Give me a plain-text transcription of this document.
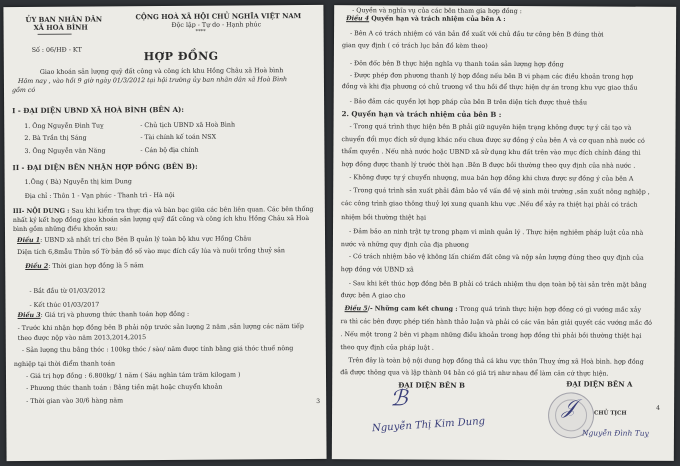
ỦY BAN NHÂN DÂN
XÃ HOÀ BÌNH
Số : 06/HĐ - KT
CỘNG HOÀ XÃ HỘI CHỦ NGHĨA VIỆT NAM
Độc lập - Tự do - Hạnh phúc
****
HỢP ĐỒNG
Giao khoán sản lượng quỹ đất công và công ích khu Hồng Châu xã Hoà bình
Hôm nay , vào hồi 9 giờ ngày 01/3/2012 tại hội trường ủy ban nhân dân xã Hoà Bình
gồm có
I - ĐẠI DIỆN UBND XÃ HOÀ BÌNH (BÊN A):
1. Ông Nguyễn Đình Tuỵ	- Chủ tịch UBND xã Hoà Bình
2. Bà Trần thị Sáng	- Tài chính kế toán NSX
3. Ông Nguyễn văn Năng	- Cán bộ địa chính
II - ĐẠI DIỆN BÊN NHẬN HỢP ĐỒNG (BÊN B):
1.Ông ( Bà) Nguyễn thị kim Dung
Địa chỉ : Thôn 1 - Vạn phúc - Thanh trì - Hà nội
III- NỘI DUNG : Sau khi kiểm tra thực địa và bàn bạc giữa các bên liên quan. Các bên thống
nhất ký kết hợp đồng giao khoán sản lượng quỹ đất công và công ích khu Hồng Châu xã Hoà
bình gồm những điều khoản sau:
Điều 1: UBND xã nhất trí cho Bên B quản lý toàn bộ khu vực Hồng Châu
Diện tích 6,8mẫu Thửa số Tờ bản đồ số vào mục đích cấy lúa và nuôi trồng thuỷ sản
Điều 2: Thời gian hợp đồng là 5 năm
- Bắt đầu từ 01/03/2012
- Kết thúc 01/03/2017
Điều 3: Giá trị và phương thức thanh toán hợp đồng :
- Trước khi nhận hợp đồng bên B phải nộp trước sản lượng 2 năm ,sản lượng các năm tiếp
theo được nộp vào năm 2013,2014,2015
- Sản lượng thu bằng thóc : 100kg thóc / sào/ năm được tính bằng giá thóc thuế nông
nghiệp tại thời điểm thanh toán
- Giá trị hợp đồng : 6.800kg/ 1 năm ( Sáu nghìn tám trăm kilogam )
- Phương thức thanh toán : Bằng tiền mặt hoặc chuyển khoản
- Thời gian vào 30/6 hàng năm	3
- Quyền và nghĩa vụ của các bên tham gia hợp đồng :
Điều 4 Quyền hạn và trách nhiệm của bên A :
- Bên A có trách nhiệm có văn bản đề xuất với chủ đầu tư công bên B đúng thời
gian quy định ( có trách lục bản đồ kèm theo)
- Đôn đốc bên B thực hiện nghĩa vụ thanh toán sản lượng hợp đồng
- Được phép đơn phương thanh lý hợp đồng nếu bên B vi phạm các điều khoản trong hợp
đồng và khi địa phương có chủ trương về thu hồi để thực hiện dự án trong khu vực giao thầu
- Bảo đảm các quyền lợi hợp pháp của bên B trên diện tích được thuê thầu
2. Quyền hạn và trách nhiệm của bên B :
- Trong quá trình thực hiện bên B phải giữ nguyên hiện trạng không được tự ý cải tạo và
chuyển đổi mục đích sử dụng khác nếu chưa được sự đồng ý của bên A và cơ quan nhà nước có
thẩm quyền . Nếu nhà nước hoặc UBND xã sử dụng khu đất trên vào mục đích chính đáng thì
hợp đồng được thanh lý trước thời hạn .Bên B được bồi thường theo quy định của nhà nước .
- Không được tự ý chuyển nhượng, mua bán hợp đồng khi chưa được sự đồng ý của bên A
- Trong quá trình sản xuất phải đảm bảo về vấn đề vệ sinh môi trường ,sản xuất nông nghiệp ,
các công trình giao thông thuỷ lợi xung quanh khu vực .Nếu để xảy ra thiệt hại phải có trách
nhiệm bồi thường thiệt hại
- Đảm bảo an ninh trật tự trong phạm vi mình quản lý . Thực hiện nghiêm pháp luật của nhà
nước và những quy định của địa phương
- Có trách nhiệm bảo vệ không lấn chiếm đất công và nộp sản lượng đúng theo quy định của
hợp đồng với UBND xã
- Sau khi kết thúc hợp đồng bên B phải có trách nhiệm thu dọn toàn bộ tài sản trên mặt bằng
được bên A giao cho
Điều 5/- Những cam kết chung : Trong quá trình thực hiện hợp đồng có gì vướng mắc xảy
ra thì các bên được phép tiến hành thảo luận và phải có các văn bản giải quyết các vướng mắc đó
. Nếu một trong 2 bên vi phạm những điều khoản trong hợp đồng thì phải bồi thường thiệt hại
theo quy định của pháp luật .
Trên đây là toàn bộ nội dung hợp đồng thả cá khu vực thôn Thuỵ ứng xã Hoà bình. hợp đồng
đã được thông qua và lập thành 04 bản có giá trị như nhau để làm căn cứ thực hiện.
ĐẠI DIỆN BÊN B	ĐẠI DIỆN BÊN A
ℬ
Nguyễn Thị Kim Dung
𝒥	CHỦ TỊCH
Nguyễn Đình Tuỵ
4
